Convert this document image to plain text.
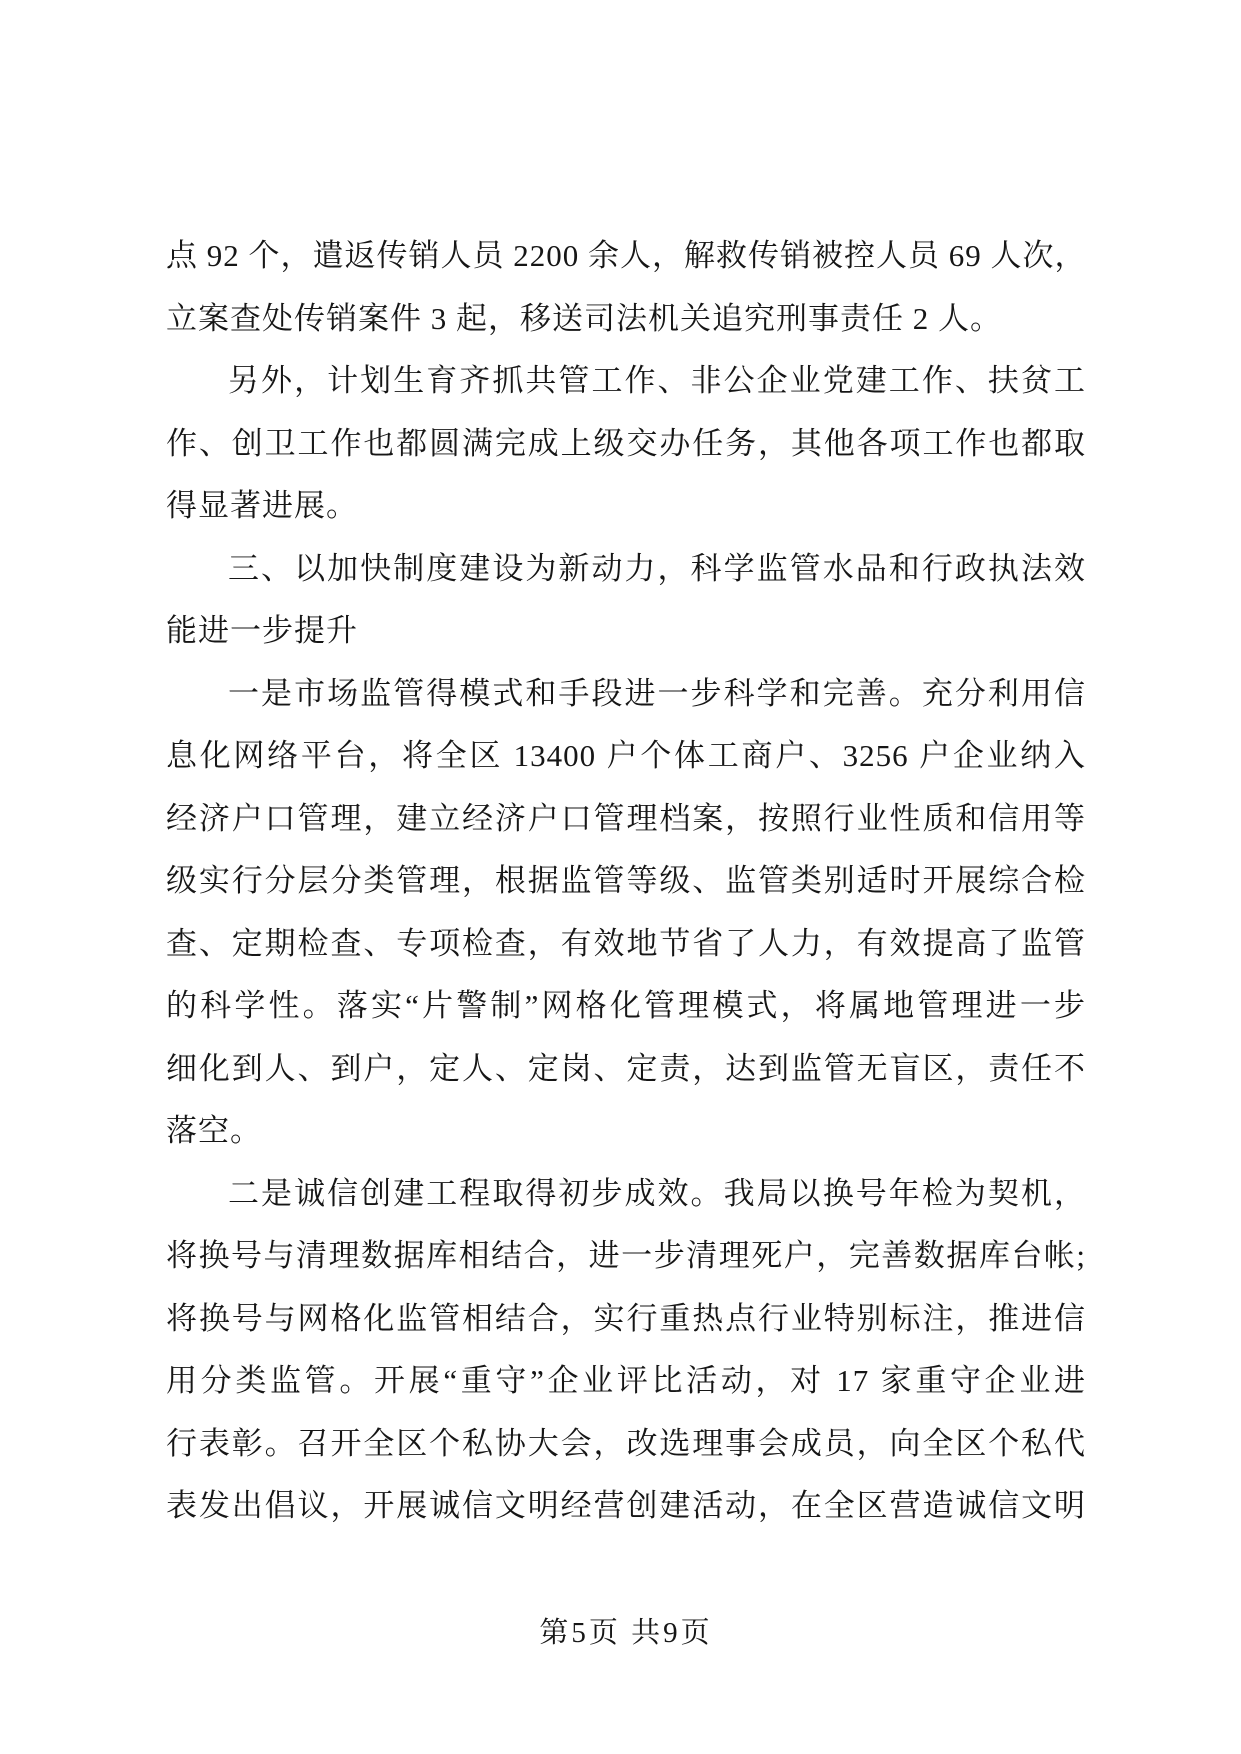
点 92 个，遣返传销人员 2200 余人，解救传销被控人员 69 人次，
立案查处传销案件 3 起，移送司法机关追究刑事责任 2 人。
另外，计划生育齐抓共管工作、非公企业党建工作、扶贫工
作、创卫工作也都圆满完成上级交办任务，其他各项工作也都取
得显著进展。
三、以加快制度建设为新动力，科学监管水品和行政执法效
能进一步提升
一是市场监管得模式和手段进一步科学和完善。充分利用信
息化网络平台，将全区 13400 户个体工商户、3256 户企业纳入
经济户口管理，建立经济户口管理档案，按照行业性质和信用等
级实行分层分类管理，根据监管等级、监管类别适时开展综合检
查、定期检查、专项检查，有效地节省了人力，有效提高了监管
的科学性。落实“片警制”网格化管理模式，将属地管理进一步
细化到人、到户，定人、定岗、定责，达到监管无盲区，责任不
落空。
二是诚信创建工程取得初步成效。我局以换号年检为契机，
将换号与清理数据库相结合，进一步清理死户，完善数据库台帐;
将换号与网格化监管相结合，实行重热点行业特别标注，推进信
用分类监管。开展“重守”企业评比活动，对 17 家重守企业进
行表彰。召开全区个私协大会，改选理事会成员，向全区个私代
表发出倡议，开展诚信文明经营创建活动，在全区营造诚信文明
第5页 共9页
